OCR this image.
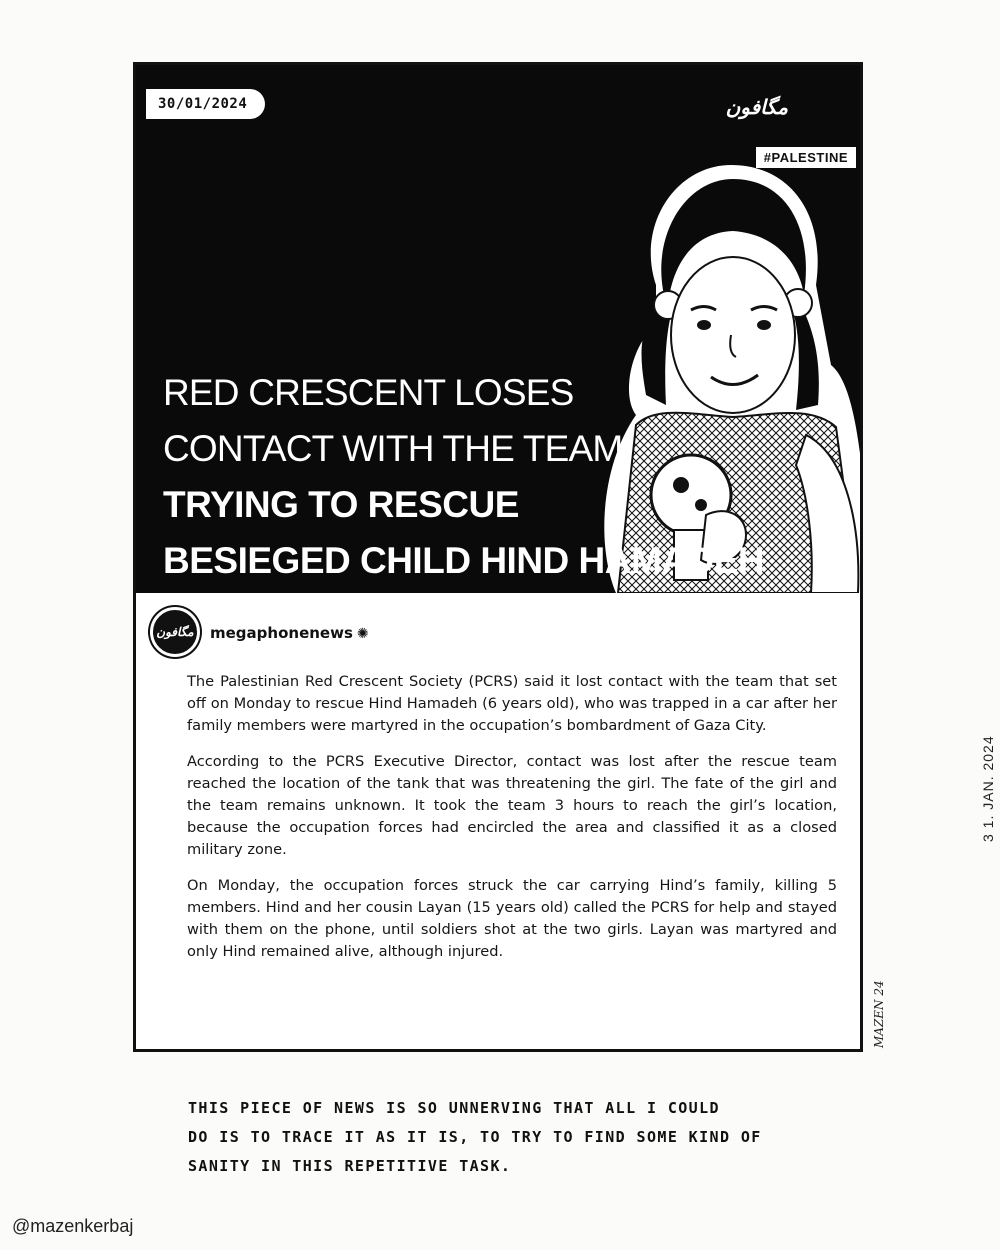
30/01/2024	مگافون
#PALESTINE
RED CRESCENT LOSES
CONTACT WITH THE TEAM
TRYING TO RESCUE
BESIEGED CHILD HIND HAMADEH
مگافون megaphonenews ✺

The Palestinian Red Crescent Society (PCRS) said it lost contact with the team that set off on Monday to rescue Hind Hamadeh (6 years old), who was trapped in a car after her family members were martyred in the occupation’s bombardment of Gaza City.

According to the PCRS Executive Director, contact was lost after the rescue team reached the location of the tank that was threatening the girl. The fate of the girl and the team remains unknown. It took the team 3 hours to reach the girl’s location, because the occupation forces had encircled the area and classified it as a closed military zone.

On Monday, the occupation forces struck the car carrying Hind’s family, killing 5 members. Hind and her cousin Layan (15 years old) called the PCRS for help and stayed with them on the phone, until soldiers shot at the two girls. Layan was martyred and only Hind remained alive, although injured.

3 1. JAN. 2024
MAZEN 24
THIS PIECE OF NEWS IS SO UNNERVING THAT ALL I COULD
DO IS TO TRACE IT AS IT IS, TO TRY TO FIND SOME KIND OF
SANITY IN THIS REPETITIVE TASK.
@mazenkerbaj
